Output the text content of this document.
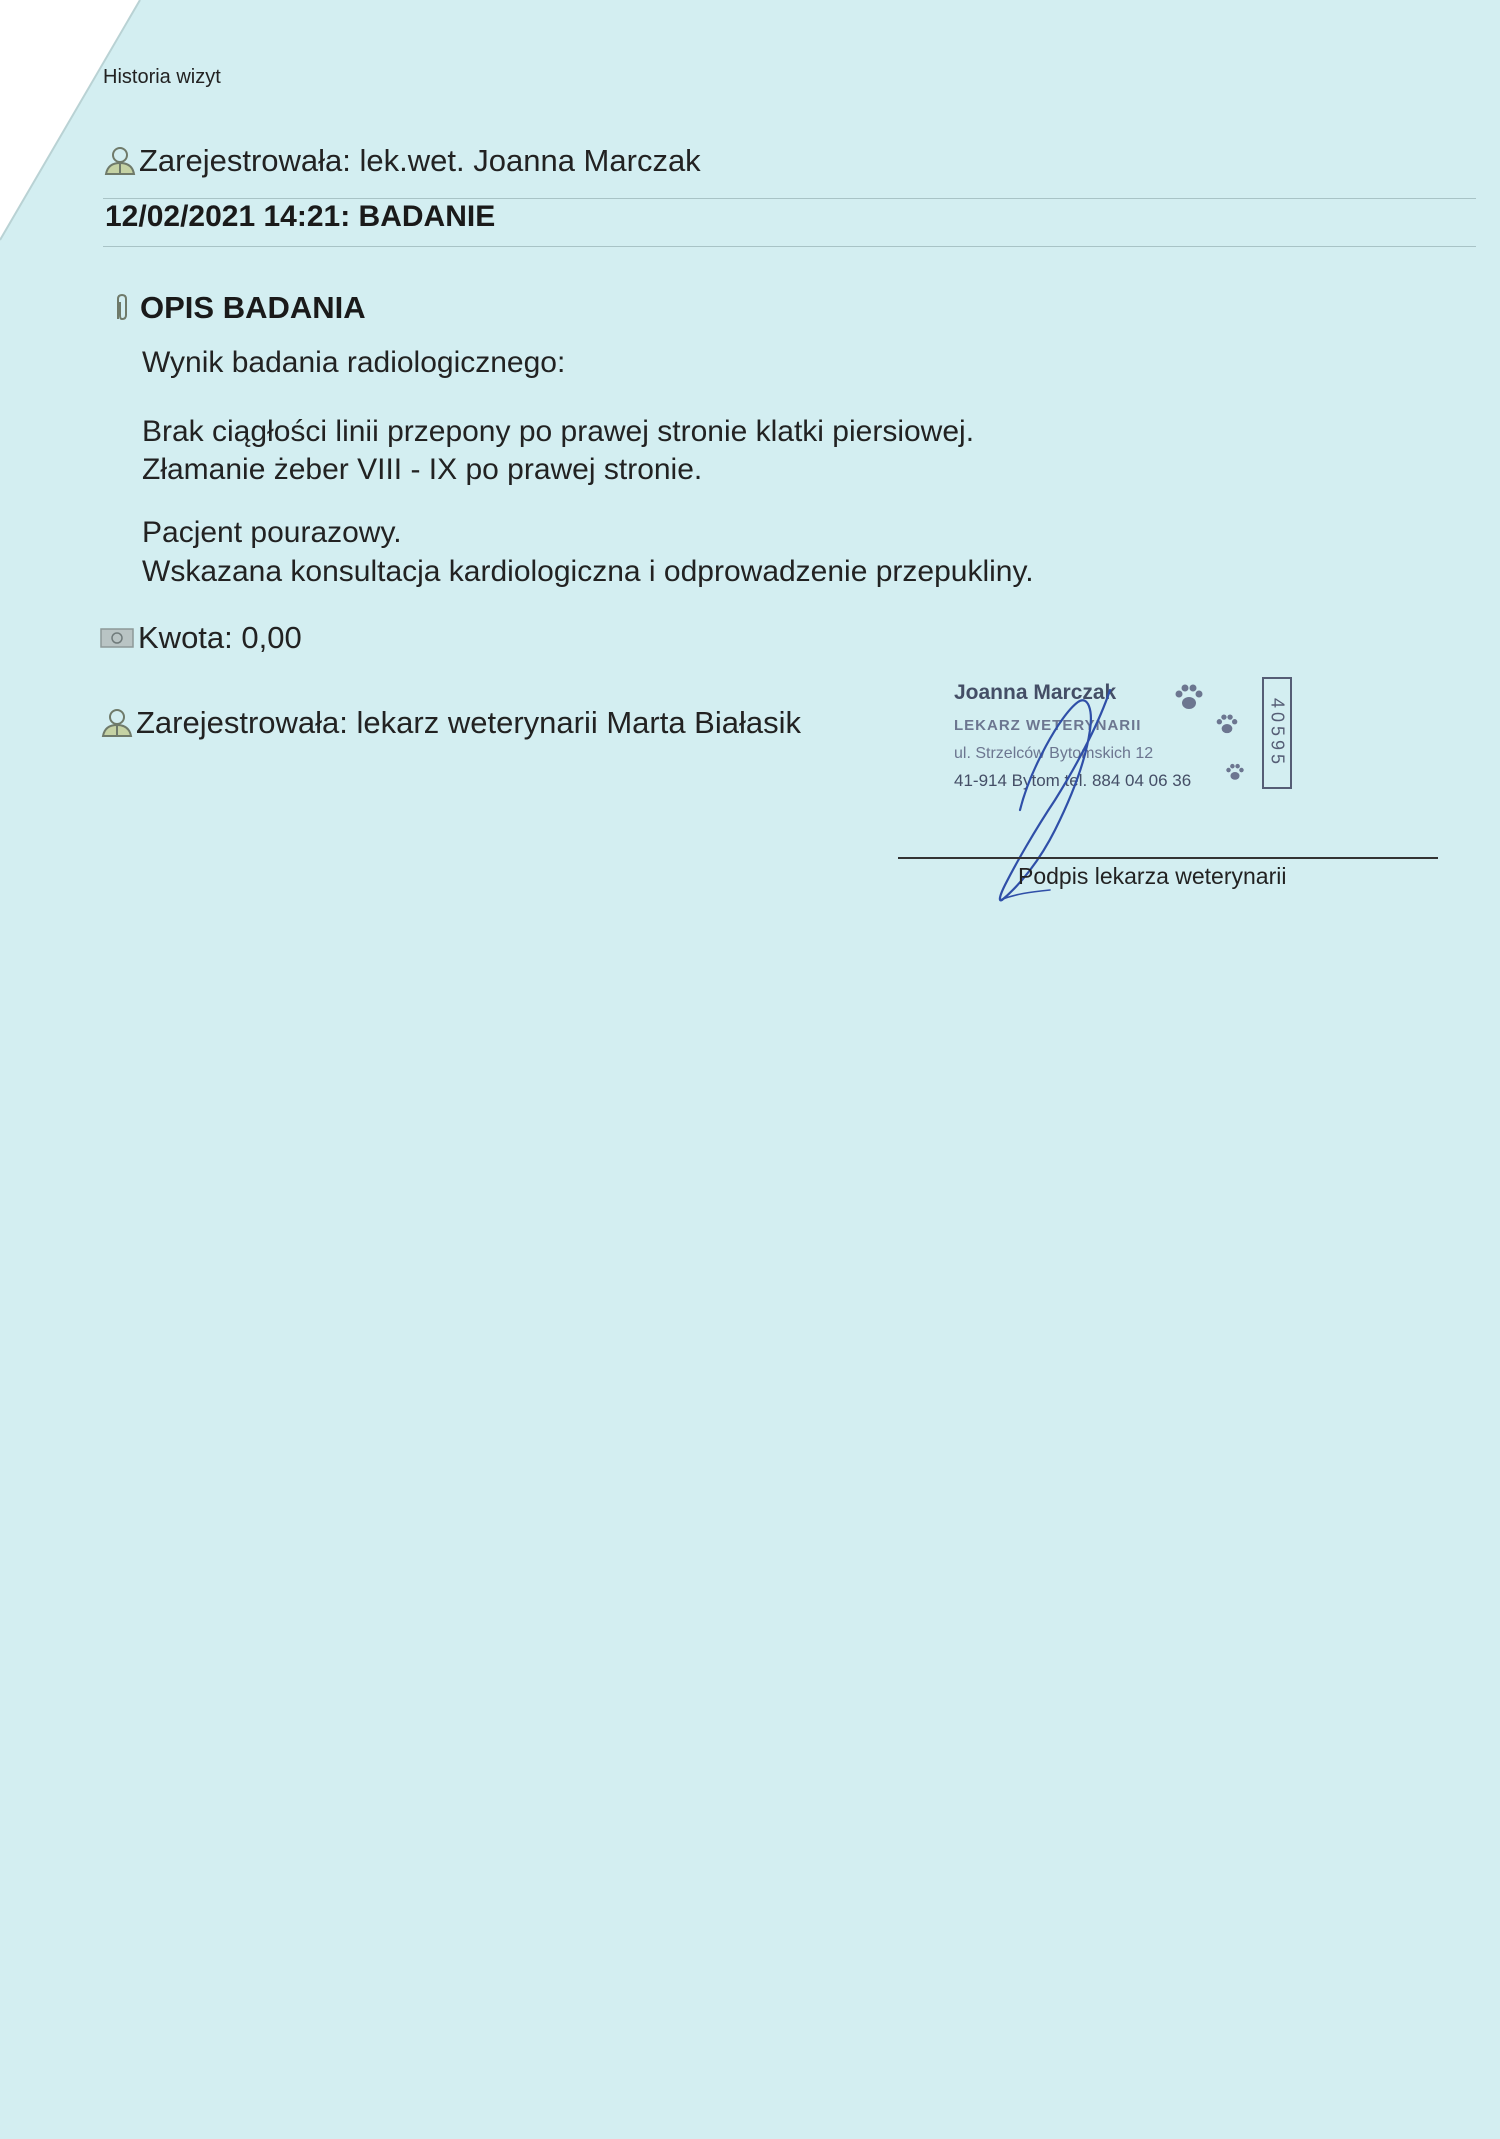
Historia wizyt
Zarejestrowała: lek.wet. Joanna Marczak
12/02/2021 14:21: BADANIE
OPIS BADANIA
Wynik badania radiologicznego:
Brak ciągłości linii przepony po prawej stronie klatki piersiowej.
Złamanie żeber VIII - IX po prawej stronie.
Pacjent pourazowy.
Wskazana konsultacja kardiologiczna i odprowadzenie przepukliny.
Kwota: 0,00
Zarejestrowała: lekarz weterynarii Marta Białasik
Joanna Marczak
LEKARZ WETERYNARII
ul. Strzelców Bytomskich 12
41-914 Bytom tel. 884 04 06 36
40595
Podpis lekarza weterynarii
